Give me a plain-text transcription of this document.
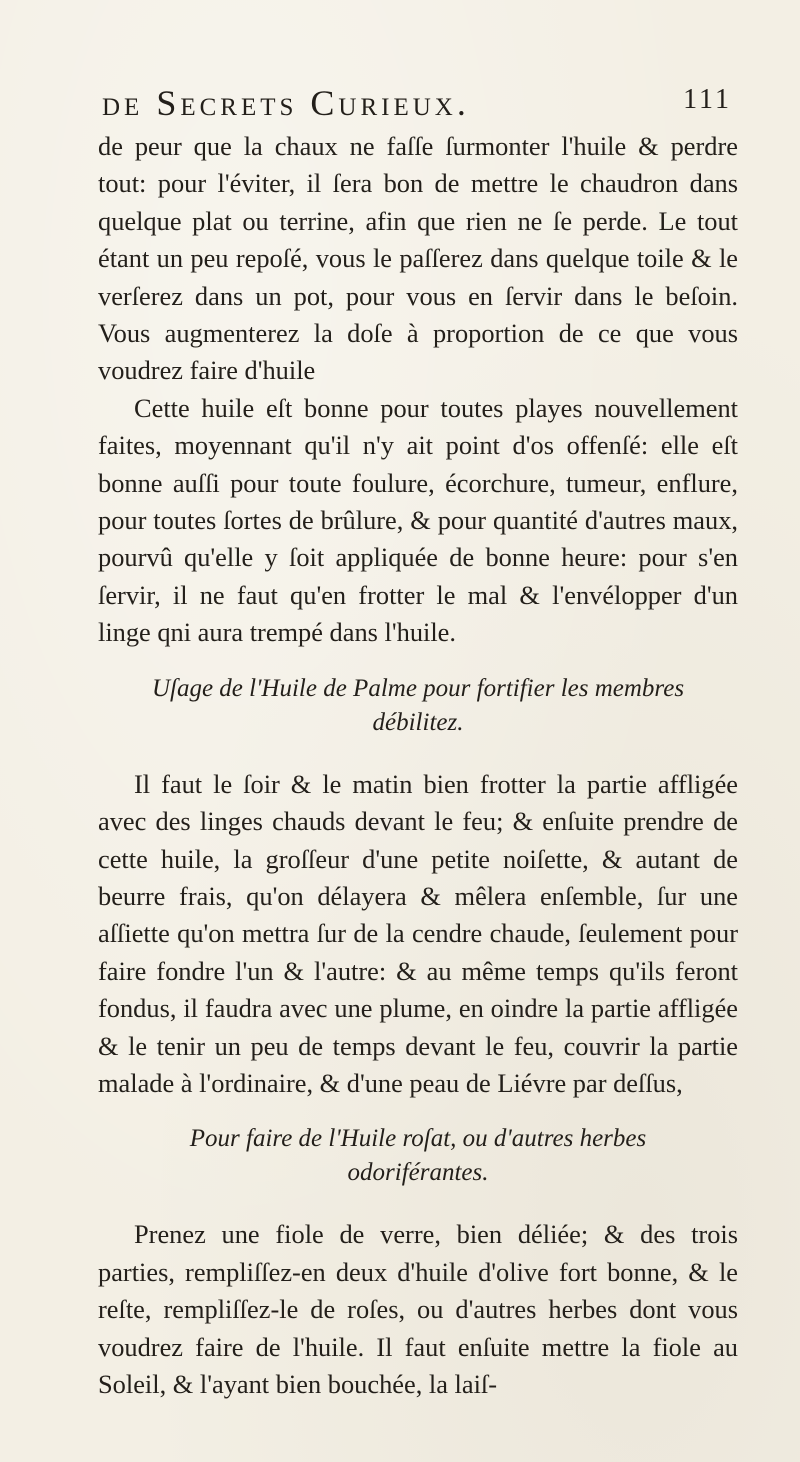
de Secrets Curieux.	111

de peur que la chaux ne faſſe ſurmonter l'huile & perdre tout: pour l'éviter, il ſera bon de mettre le chaudron dans quelque plat ou terrine, afin que rien ne ſe perde. Le tout étant un peu repoſé, vous le paſſerez dans quelque toile & le verſerez dans un pot, pour vous en ſervir dans le beſoin. Vous augmenterez la doſe à proportion de ce que vous voudrez faire d'huile

Cette huile eſt bonne pour toutes playes nouvellement faites, moyennant qu'il n'y ait point d'os offenſé: elle eſt bonne auſſi pour toute foulure, écorchure, tumeur, enflure, pour toutes ſortes de brûlure, & pour quantité d'autres maux, pourvû qu'elle y ſoit appliquée de bonne heure: pour s'en ſervir, il ne faut qu'en frotter le mal & l'envélopper d'un linge qni aura trempé dans l'huile.

Uſage de l'Huile de Palme pour fortifier les membres débilitez.

Il faut le ſoir & le matin bien frotter la partie affligée avec des linges chauds devant le feu; & enſuite prendre de cette huile, la groſſeur d'une petite noiſette, & autant de beurre frais, qu'on délayera & mêlera enſemble, ſur une aſſiette qu'on mettra ſur de la cendre chaude, ſeulement pour faire fondre l'un & l'autre: & au même temps qu'ils feront fondus, il faudra avec une plume, en oindre la partie affligée & le tenir un peu de temps devant le feu, couvrir la partie malade à l'ordinaire, & d'une peau de Liévre par deſſus,

Pour faire de l'Huile roſat, ou d'autres herbes odoriférantes.

Prenez une fiole de verre, bien déliée; & des trois parties, rempliſſez-en deux d'huile d'olive fort bonne, & le reſte, rempliſſez-le de roſes, ou d'autres herbes dont vous voudrez faire de l'huile. Il faut enſuite mettre la fiole au Soleil, & l'ayant bien bouchée, la laiſ-
